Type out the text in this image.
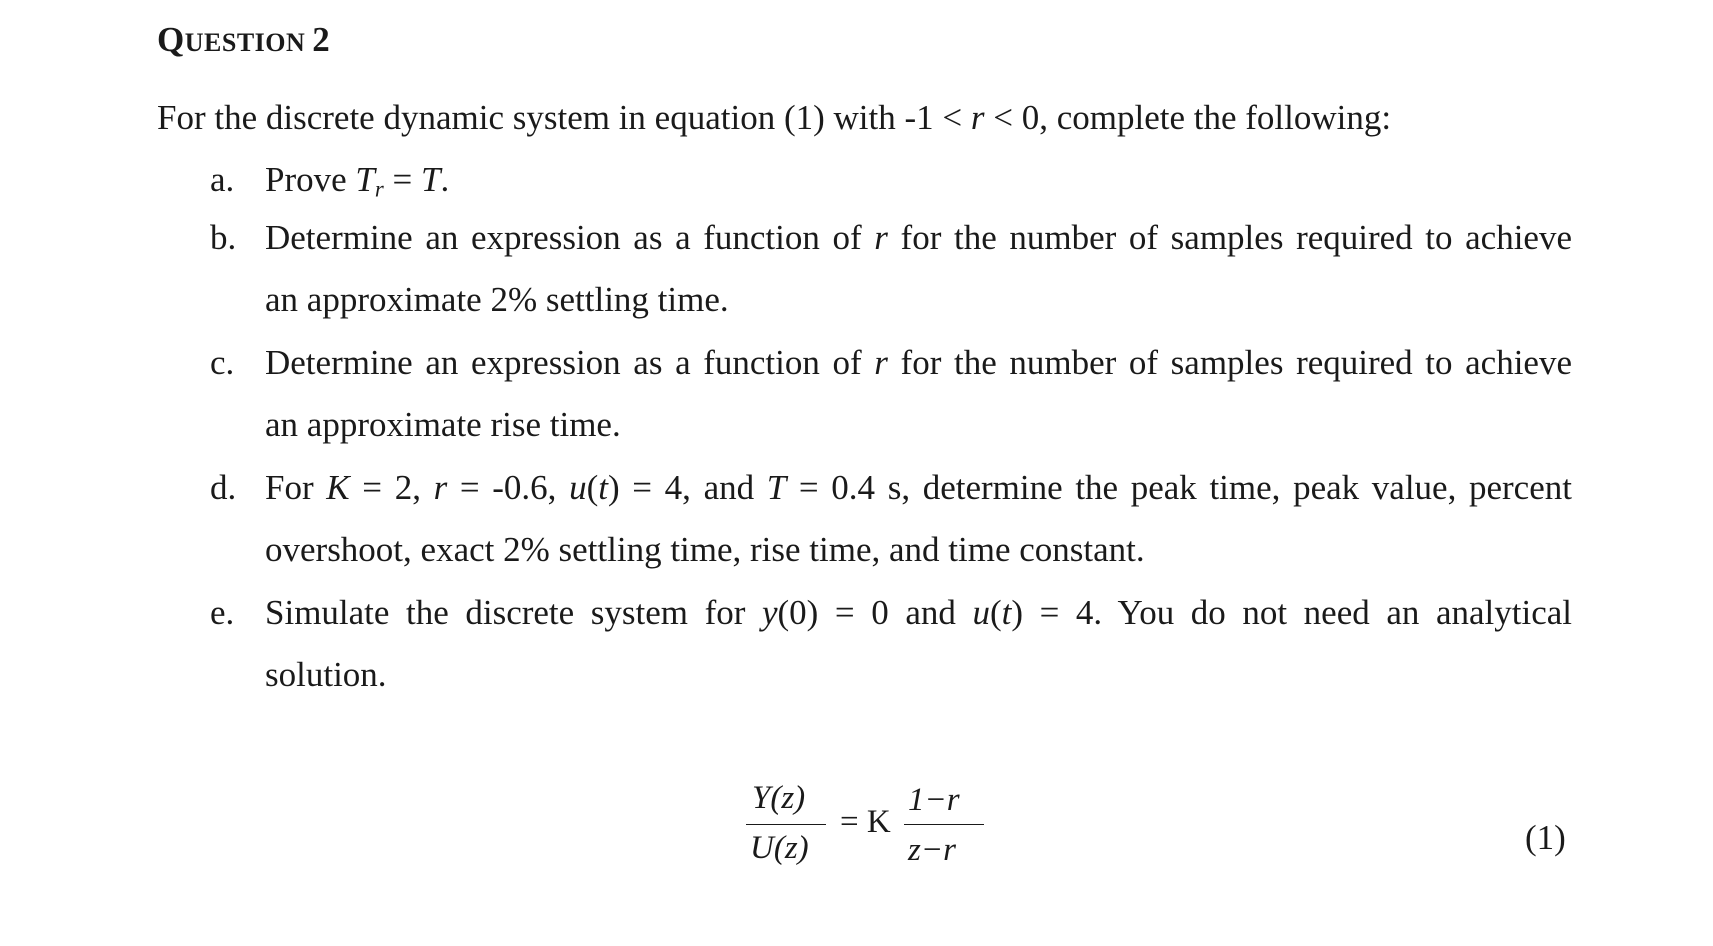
QUESTION 2
For the discrete dynamic system in equation (1) with -1 < r < 0, complete the following:
a. Prove $T_r = T$.
b. Determine an expression as a function of r for the number of samples required to achieve
an approximate 2% settling time.
c. Determine an expression as a function of r for the number of samples required to achieve
an approximate rise time.
d. For K = 2, r = -0.6, u(t) = 4, and T = 0.4 s, determine the peak time, peak value, percent
overshoot, exact 2% settling time, rise time, and time constant.
e. Simulate the discrete system for y(0) = 0 and u(t) = 4. You do not need an analytical
solution.
Y(z)
U(z)
= K
1−r
z−r	(1)
